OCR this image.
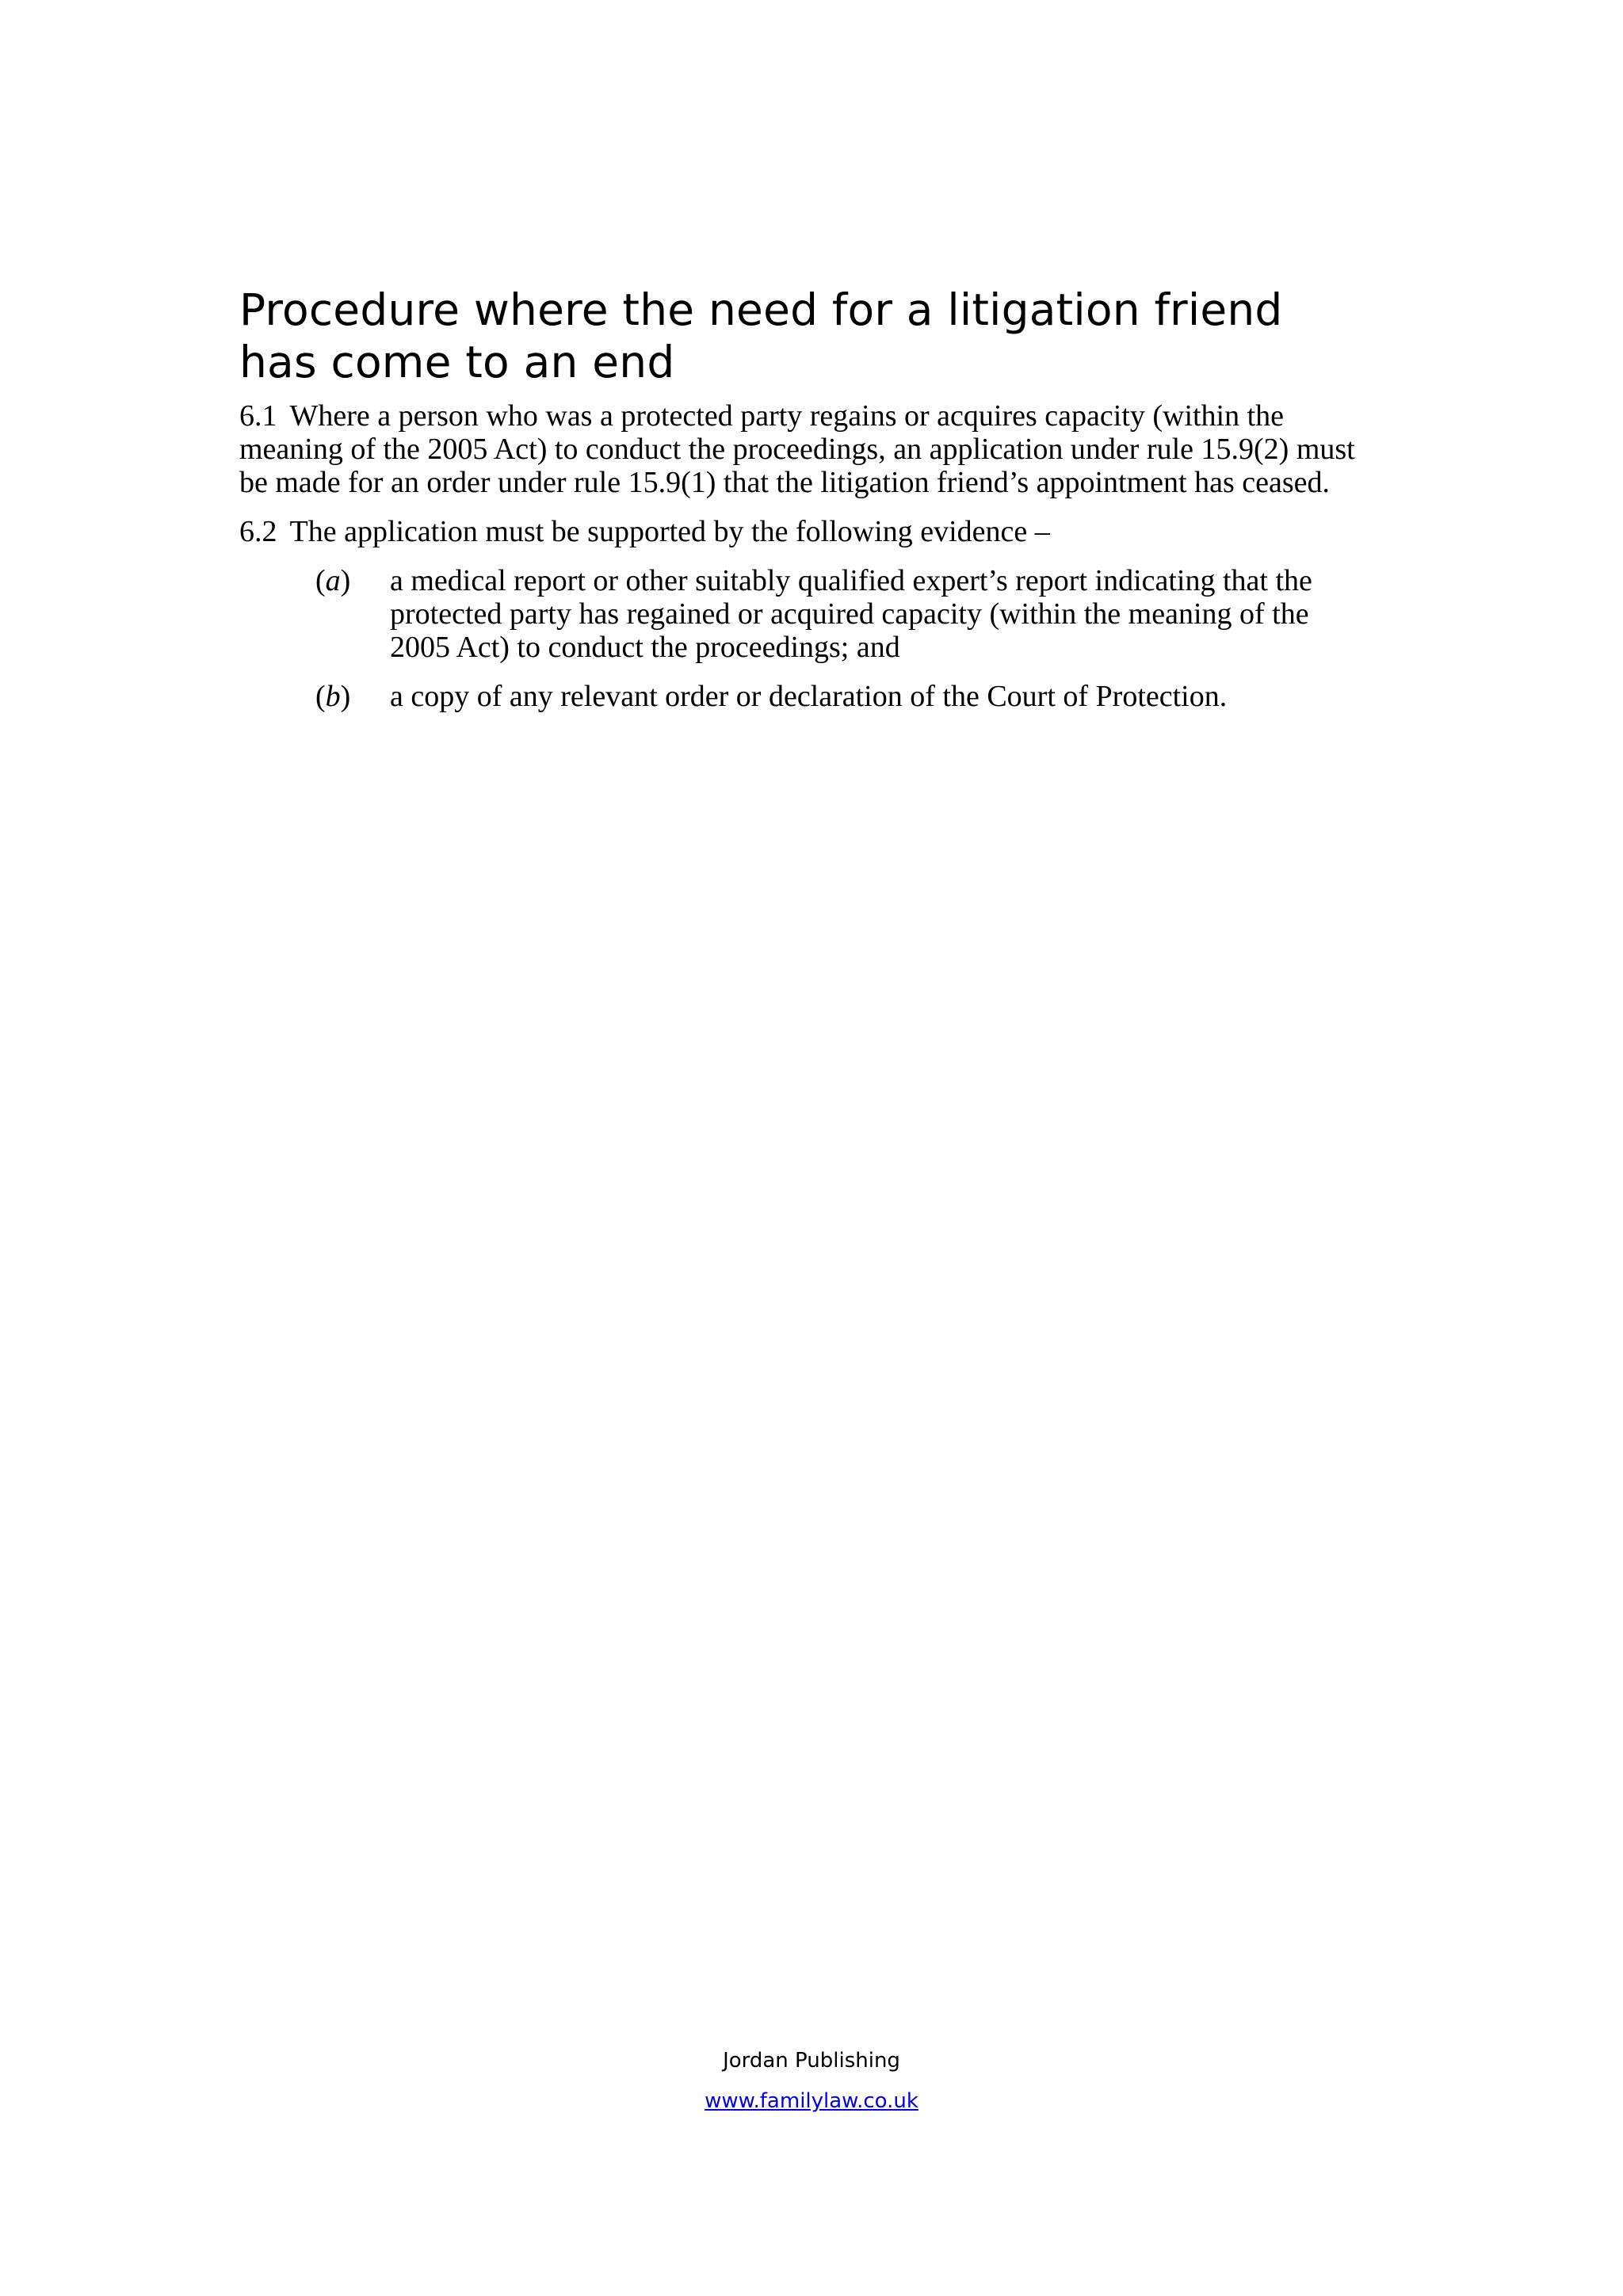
Procedure where the need for a litigation friend has come to an end

6.1 Where a person who was a protected party regains or acquires capacity (within the meaning of the 2005 Act) to conduct the proceedings, an application under rule 15.9(2) must be made for an order under rule 15.9(1) that the litigation friend’s appointment has ceased.

6.2 The application must be supported by the following evidence –

(a)	a medical report or other suitably qualified expert’s report indicating that the protected party has regained or acquired capacity (within the meaning of the 2005 Act) to conduct the proceedings; and
(b)	a copy of any relevant order or declaration of the Court of Protection.
Jordan Publishing
www.familylaw.co.uk
